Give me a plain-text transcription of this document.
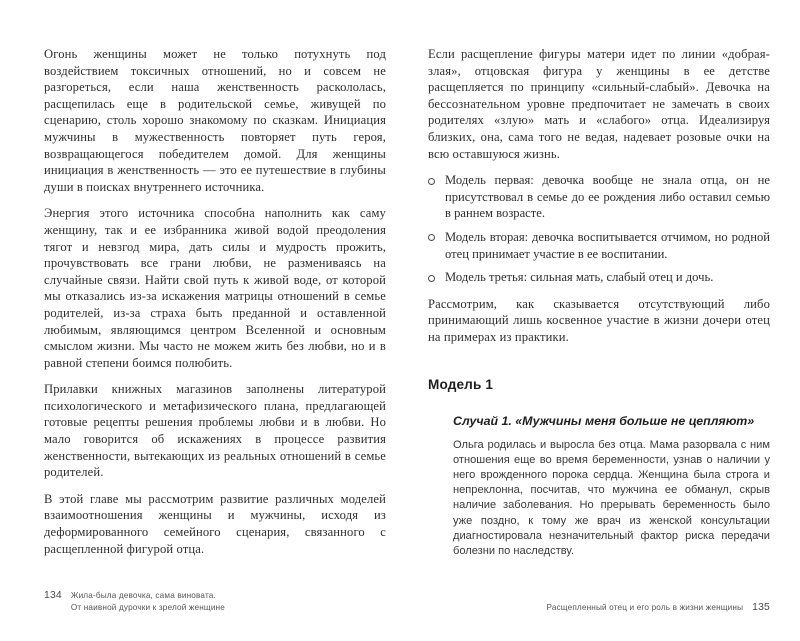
Огонь женщины может не только потухнуть под воздействием токсичных отношений, но и совсем не разгореться, если наша женственность раскололась, расщепилась еще в родительской семье, живущей по сценарию, столь хорошо знакомому по сказкам. Инициация мужчины в мужественность повторяет путь героя, возвращающегося победителем домой. Для женщины инициация в женственность — это ее путешествие в глубины души в поисках внутреннего источника.

Энергия этого источника способна наполнить как саму женщину, так и ее избранника живой водой преодоления тягот и невзгод мира, дать силы и мудрость прожить, прочувствовать все грани любви, не размениваясь на случайные связи. Найти свой путь к живой воде, от которой мы отказались из-за искажения матрицы отношений в семье родителей, из-за страха быть преданной и оставленной любимым, являющимся центром Вселенной и основным смыслом жизни. Мы часто не можем жить без любви, но и в равной степени боимся полюбить.

Прилавки книжных магазинов заполнены литературой психологического и метафизического плана, предлагающей готовые рецепты решения проблемы любви и в любви. Но мало говорится об искажениях в процессе развития женственности, вытекающих из реальных отношений в семье родителей.

В этой главе мы рассмотрим развитие различных моделей взаимоотношения женщины и мужчины, исходя из деформированного семейного сценария, связанного с расщепленной фигурой отца.

134 Жила-была девочка, сама виновата.
От наивной дурочки к зрелой женщине

Если расщепление фигуры матери идет по линии «добрая-злая», отцовская фигура у женщины в ее детстве расщепляется по принципу «сильный-слабый». Девочка на бессознательном уровне предпочитает не замечать в своих родителях «злую» мать и «слабого» отца. Идеализируя близких, она, сама того не ведая, надевает розовые очки на всю оставшуюся жизнь.

Модель первая: девочка вообще не знала отца, он не присутствовал в семье до ее рождения либо оставил семью в раннем возрасте.
Модель вторая: девочка воспитывается отчимом, но родной отец принимает участие в ее воспитании.
Модель третья: сильная мать, слабый отец и дочь.

Рассмотрим, как сказывается отсутствующий либо принимающий лишь косвенное участие в жизни дочери отец на примерах из практики.

Модель 1
Случай 1. «Мужчины меня больше не цепляют»

Ольга родилась и выросла без отца. Мама разорвала с ним отношения еще во время беременности, узнав о наличии у него врожденного порока сердца. Женщина была строга и непреклонна, посчитав, что мужчина ее обманул, скрыв наличие заболевания. Но прерывать беременность было уже поздно, к тому же врач из женской консультации диагностировала незначительный фактор риска передачи болезни по наследству.

Расщепленный отец и его роль в жизни женщины 135
